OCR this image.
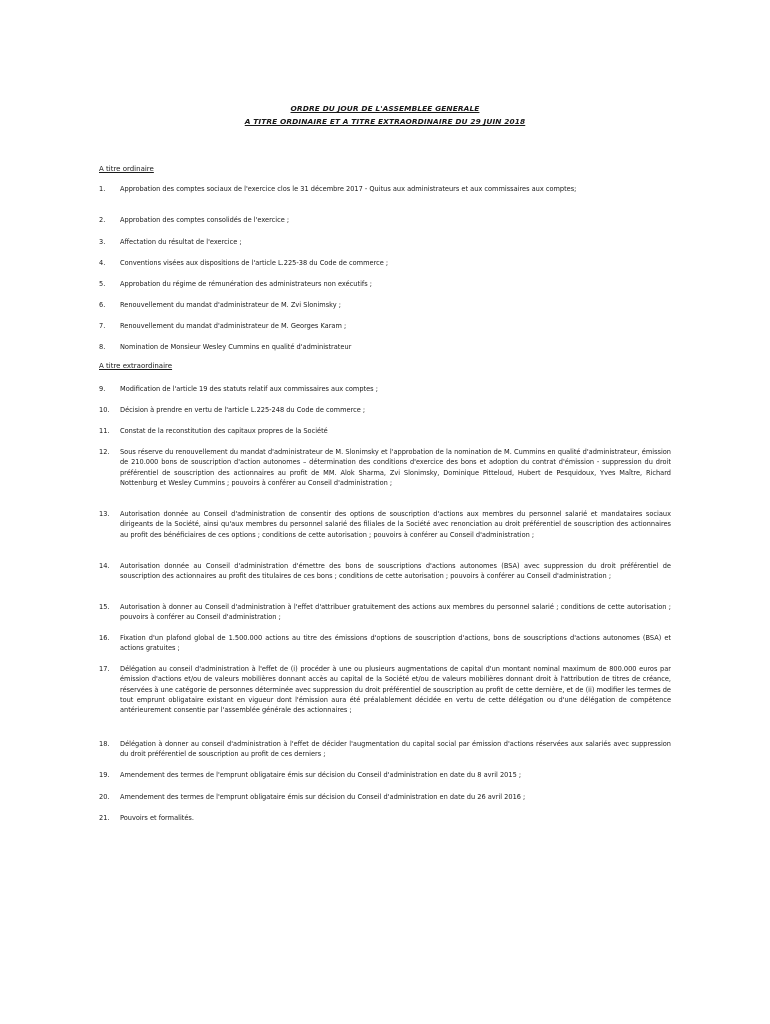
ORDRE DU JOUR DE L'ASSEMBLEE GENERALE
A TITRE ORDINAIRE ET A TITRE EXTRAORDINAIRE DU 29 JUIN 2018
A titre ordinaire
1.	Approbation des comptes sociaux de l'exercice clos le 31 décembre 2017 - Quitus aux administrateurs et aux commissaires aux comptes;
2.	Approbation des comptes consolidés de l'exercice ;
3.	Affectation du résultat de l'exercice ;
4.	Conventions visées aux dispositions de l'article L.225-38 du Code de commerce ;
5.	Approbation du régime de rémunération des administrateurs non exécutifs ;
6.	Renouvellement du mandat d'administrateur de M. Zvi Slonimsky ;
7.	Renouvellement du mandat d'administrateur de M. Georges Karam ;
8.	Nomination de Monsieur Wesley Cummins en qualité d'administrateur
A titre extraordinaire
9.	Modification de l'article 19 des statuts relatif aux commissaires aux comptes ;
10.	Décision à prendre en vertu de l'article L.225-248 du Code de commerce ;
11.	Constat de la reconstitution des capitaux propres de la Société
12.	Sous réserve du renouvellement du mandat d'administrateur de M. Slonimsky et l'approbation de la nomination de M. Cummins en qualité d'administrateur, émission de 210.000 bons de souscription d'action autonomes – détermination des conditions d'exercice des bons et adoption du contrat d'émission - suppression du droit préférentiel de souscription des actionnaires au profit de MM. Alok Sharma, Zvi Slonimsky, Dominique Pitteloud, Hubert de Pesquidoux, Yves Maître, Richard Nottenburg et Wesley Cummins ; pouvoirs à conférer au Conseil d'administration ;
13.	Autorisation donnée au Conseil d'administration de consentir des options de souscription d'actions aux membres du personnel salarié et mandataires sociaux dirigeants de la Société, ainsi qu'aux membres du personnel salarié des filiales de la Société avec renonciation au droit préférentiel de souscription des actionnaires au profit des bénéficiaires de ces options ; conditions de cette autorisation ; pouvoirs à conférer au Conseil d'administration ;
14.	Autorisation donnée au Conseil d'administration d'émettre des bons de souscriptions d'actions autonomes (BSA) avec suppression du droit préférentiel de souscription des actionnaires au profit des titulaires de ces bons ; conditions de cette autorisation ; pouvoirs à conférer au Conseil d'administration ;
15.	Autorisation à donner au Conseil d'administration à l'effet d'attribuer gratuitement des actions aux membres du personnel salarié ; conditions de cette autorisation ; pouvoirs à conférer au Conseil d'administration ;
16.	Fixation d'un plafond global de 1.500.000 actions au titre des émissions d'options de souscription d'actions, bons de souscriptions d'actions autonomes (BSA) et actions gratuites ;
17.	Délégation au conseil d'administration à l'effet de (i) procéder à une ou plusieurs augmentations de capital d'un montant nominal maximum de 800.000 euros par émission d'actions et/ou de valeurs mobilières donnant accès au capital de la Société et/ou de valeurs mobilières donnant droit à l'attribution de titres de créance, réservées à une catégorie de personnes déterminée avec suppression du droit préférentiel de souscription au profit de cette dernière, et de (ii) modifier les termes de tout emprunt obligataire existant en vigueur dont l'émission aura été préalablement décidée en vertu de cette délégation ou d'une délégation de compétence antérieurement consentie par l'assemblée générale des actionnaires ;
18.	Délégation à donner au conseil d'administration à l'effet de décider l'augmentation du capital social par émission d'actions réservées aux salariés avec suppression du droit préférentiel de souscription au profit de ces derniers ;
19.	Amendement des termes de l'emprunt obligataire émis sur décision du Conseil d'administration en date du 8 avril 2015 ;
20.	Amendement des termes de l'emprunt obligataire émis sur décision du Conseil d'administration en date du 26 avril 2016 ;
21.	Pouvoirs et formalités.
